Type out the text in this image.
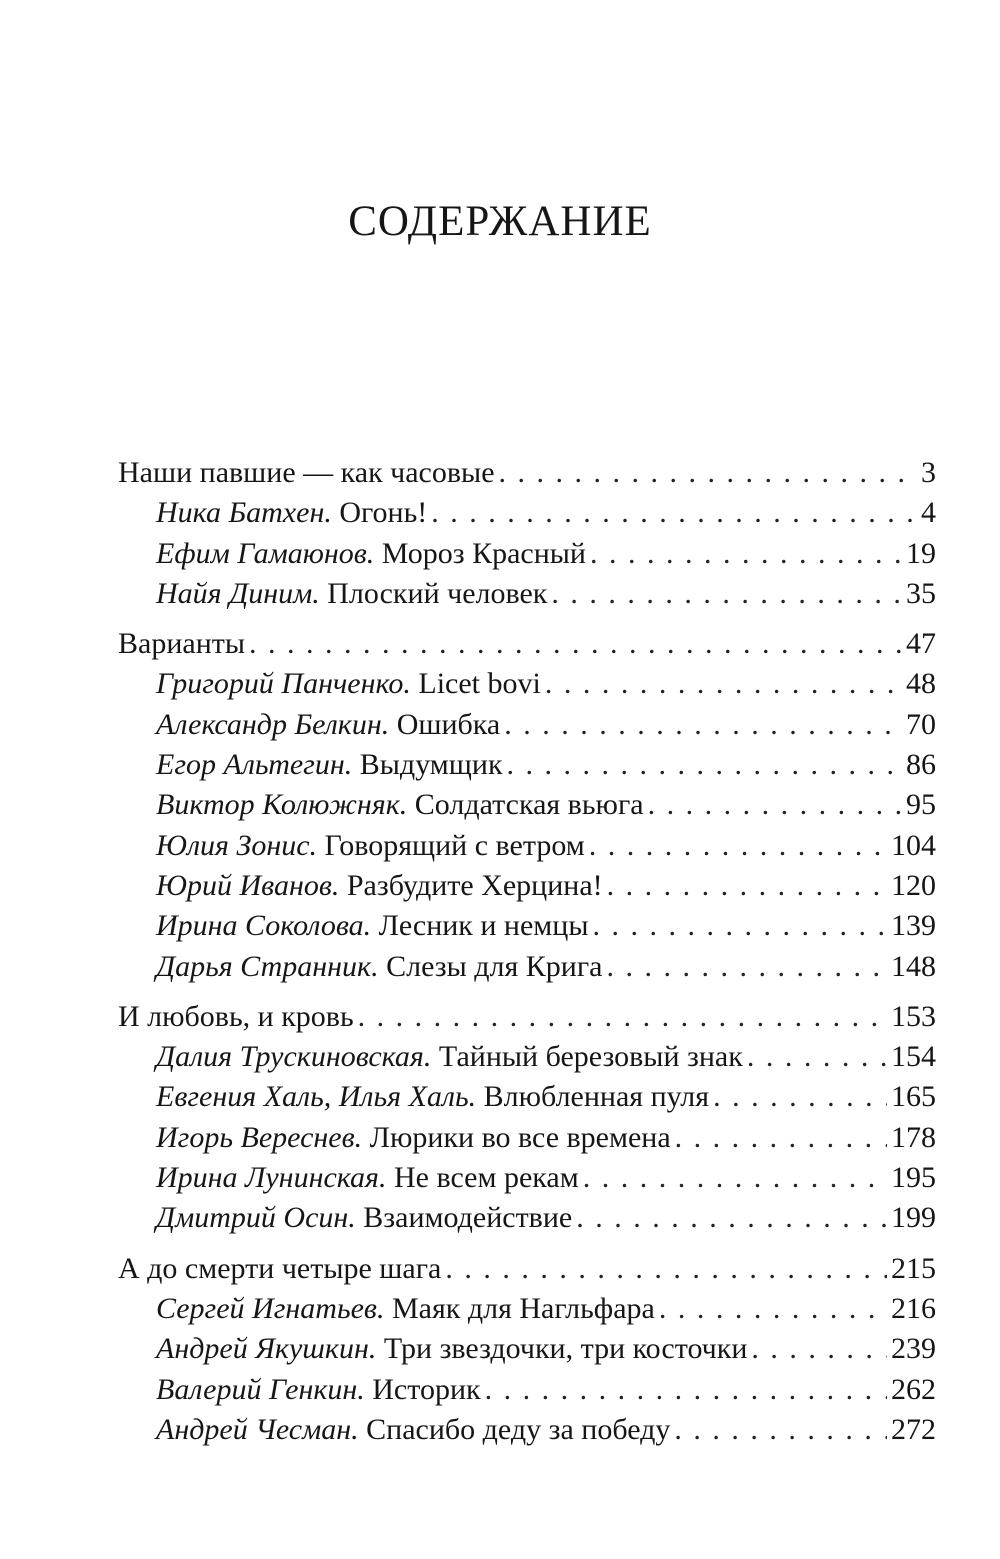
СОДЕРЖАНИЕ
Наши павшие — как часовые . . .	3
Ника Батхен. Огонь! . . .	4
Ефим Гамаюнов. Мороз Красный . . .	19
Найя Диним. Плоский человек . . .	35
Варианты . . .	47
Григорий Панченко. Licet bovi . . .	48
Александр Белкин. Ошибка . . .	70
Егор Альтегин. Выдумщик . . .	86
Виктор Колюжняк. Солдатская вьюга . . .	95
Юлия Зонис. Говорящий с ветром . . .	104
Юрий Иванов. Разбудите Херцина! . . .	120
Ирина Соколова. Лесник и немцы . . .	139
Дарья Странник. Слезы для Крига . . .	148
И любовь, и кровь . . .	153
Далия Трускиновская. Тайный березовый знак . . .	154
Евгения Халь, Илья Халь. Влюбленная пуля . . .	165
Игорь Вереснев. Люрики во все времена . . .	178
Ирина Лунинская. Не всем рекам . . .	195
Дмитрий Осин. Взаимодействие . . .	199
А до смерти четыре шага . . .	215
Сергей Игнатьев. Маяк для Нагльфара . . .	216
Андрей Якушкин. Три звездочки, три косточки . . .	239
Валерий Генкин. Историк . . .	262
Андрей Чесман. Спасибо деду за победу . . .	272
